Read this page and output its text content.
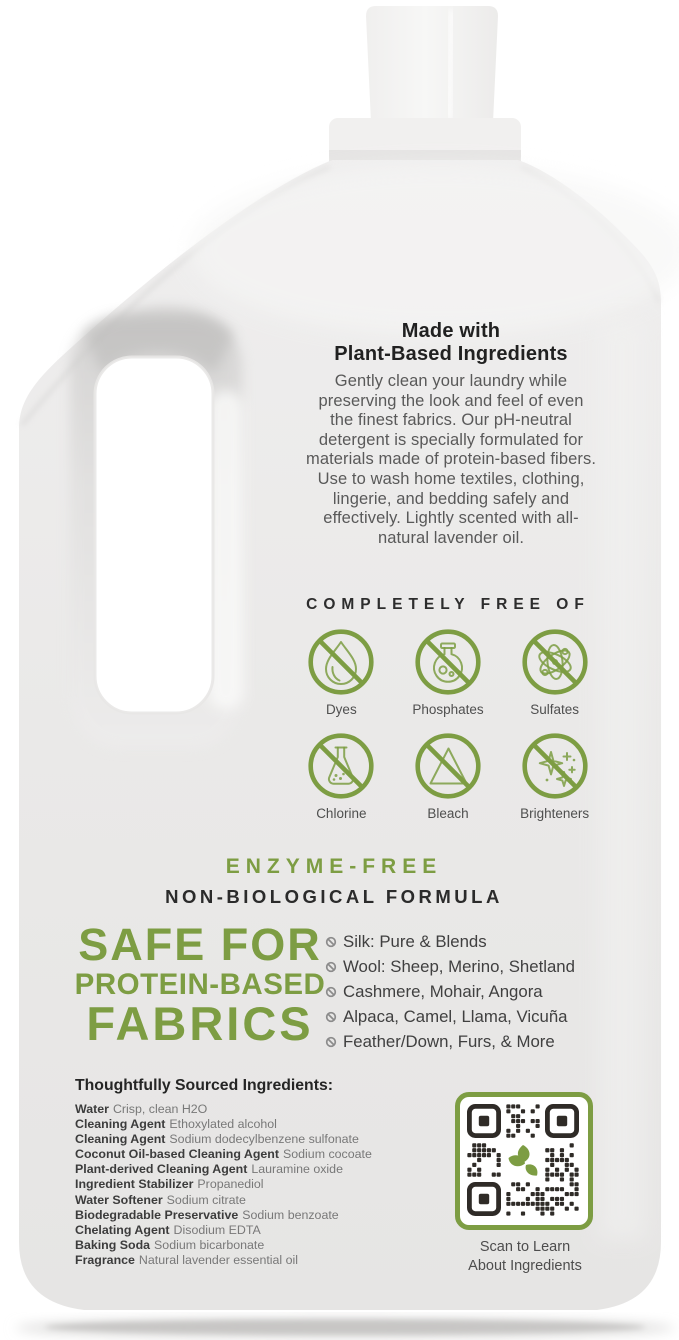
Made with
Plant-Based Ingredients
Gently clean your laundry while preserving the look and feel of even the finest fabrics. Our pH-neutral detergent is specially formulated for materials made of protein-based fibers. Use to wash home textiles, clothing, lingerie, and bedding safely and effectively. Lightly scented with all-natural lavender oil.
COMPLETELY FREE OF
Dyes	Phosphates	Sulfates
Chlorine	Bleach	Brighteners
ENZYME-FREE
NON-BIOLOGICAL FORMULA
SAFE FOR
PROTEIN-BASED
FABRICS
Silk: Pure & Blends
Wool: Sheep, Merino, Shetland
Cashmere, Mohair, Angora
Alpaca, Camel, Llama, Vicuña
Feather/Down, Furs, & More
Thoughtfully Sourced Ingredients:
Water Crisp, clean H2O
Cleaning Agent Ethoxylated alcohol
Cleaning Agent Sodium dodecylbenzene sulfonate
Coconut Oil-based Cleaning Agent Sodium cocoate
Plant-derived Cleaning Agent Lauramine oxide
Ingredient Stabilizer Propanediol
Water Softener Sodium citrate
Biodegradable Preservative Sodium benzoate
Chelating Agent Disodium EDTA
Baking Soda Sodium bicarbonate
Fragrance Natural lavender essential oil
Scan to Learn
About Ingredients
